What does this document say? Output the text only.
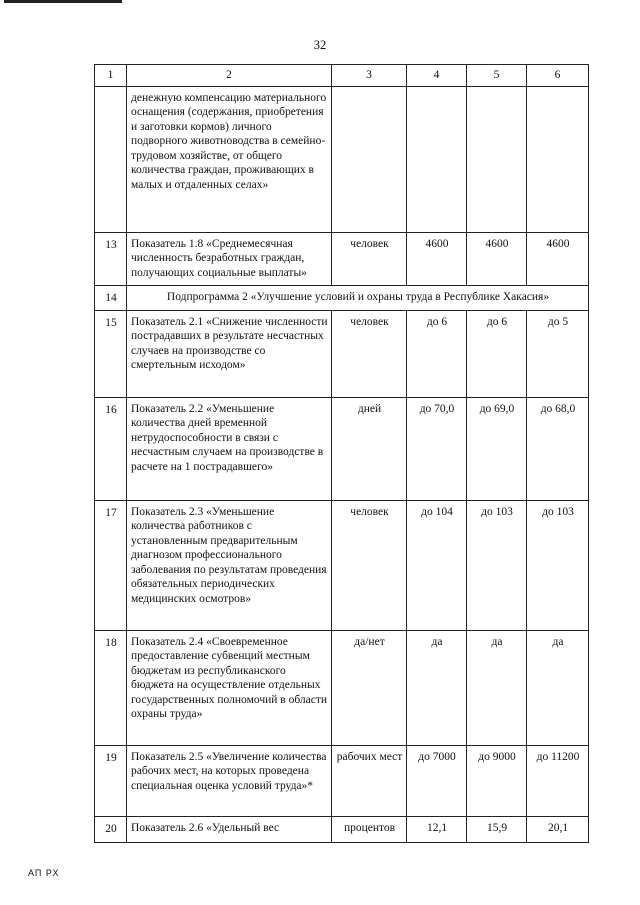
32
1	2	3	4	5	6
	денежную компенсацию материального оснащения (содержания, приобретения и заготовки кормов) личного подворного животноводства в семейно-трудовом хозяйстве, от общего количества граждан, проживающих в малых и отдаленных селах»				
13	Показатель 1.8 «Среднемесячная численность безработных граждан, получающих социальные выплаты»	человек	4600	4600	4600
14	Подпрограмма 2 «Улучшение условий и охраны труда в Республике Хакасия»				
15	Показатель 2.1 «Снижение численности пострадавших в результате несчастных случаев на производстве со смертельным исходом»	человек	до 6	до 6	до 5
16	Показатель 2.2 «Уменьшение количества дней временной нетрудоспособности в связи с несчастным случаем на производстве в расчете на 1 пострадавшего»	дней	до 70,0	до 69,0	до 68,0
17	Показатель 2.3 «Уменьшение количества работников с установленным предварительным диагнозом профессионального заболевания по результатам проведения обязательных периодических медицинских осмотров»	человек	до 104	до 103	до 103
18	Показатель 2.4 «Своевременное предоставление субвенций местным бюджетам из республиканского бюджета на осуществление отдельных государственных полномочий в области охраны труда»	да/нет	да	да	да
19	Показатель 2.5 «Увеличение количества рабочих мест, на которых проведена специальная оценка условий труда»*	рабочих мест	до 7000	до 9000	до 11200
20	Показатель 2.6 «Удельный вес	процентов	12,1	15,9	20,1
АП РХ
